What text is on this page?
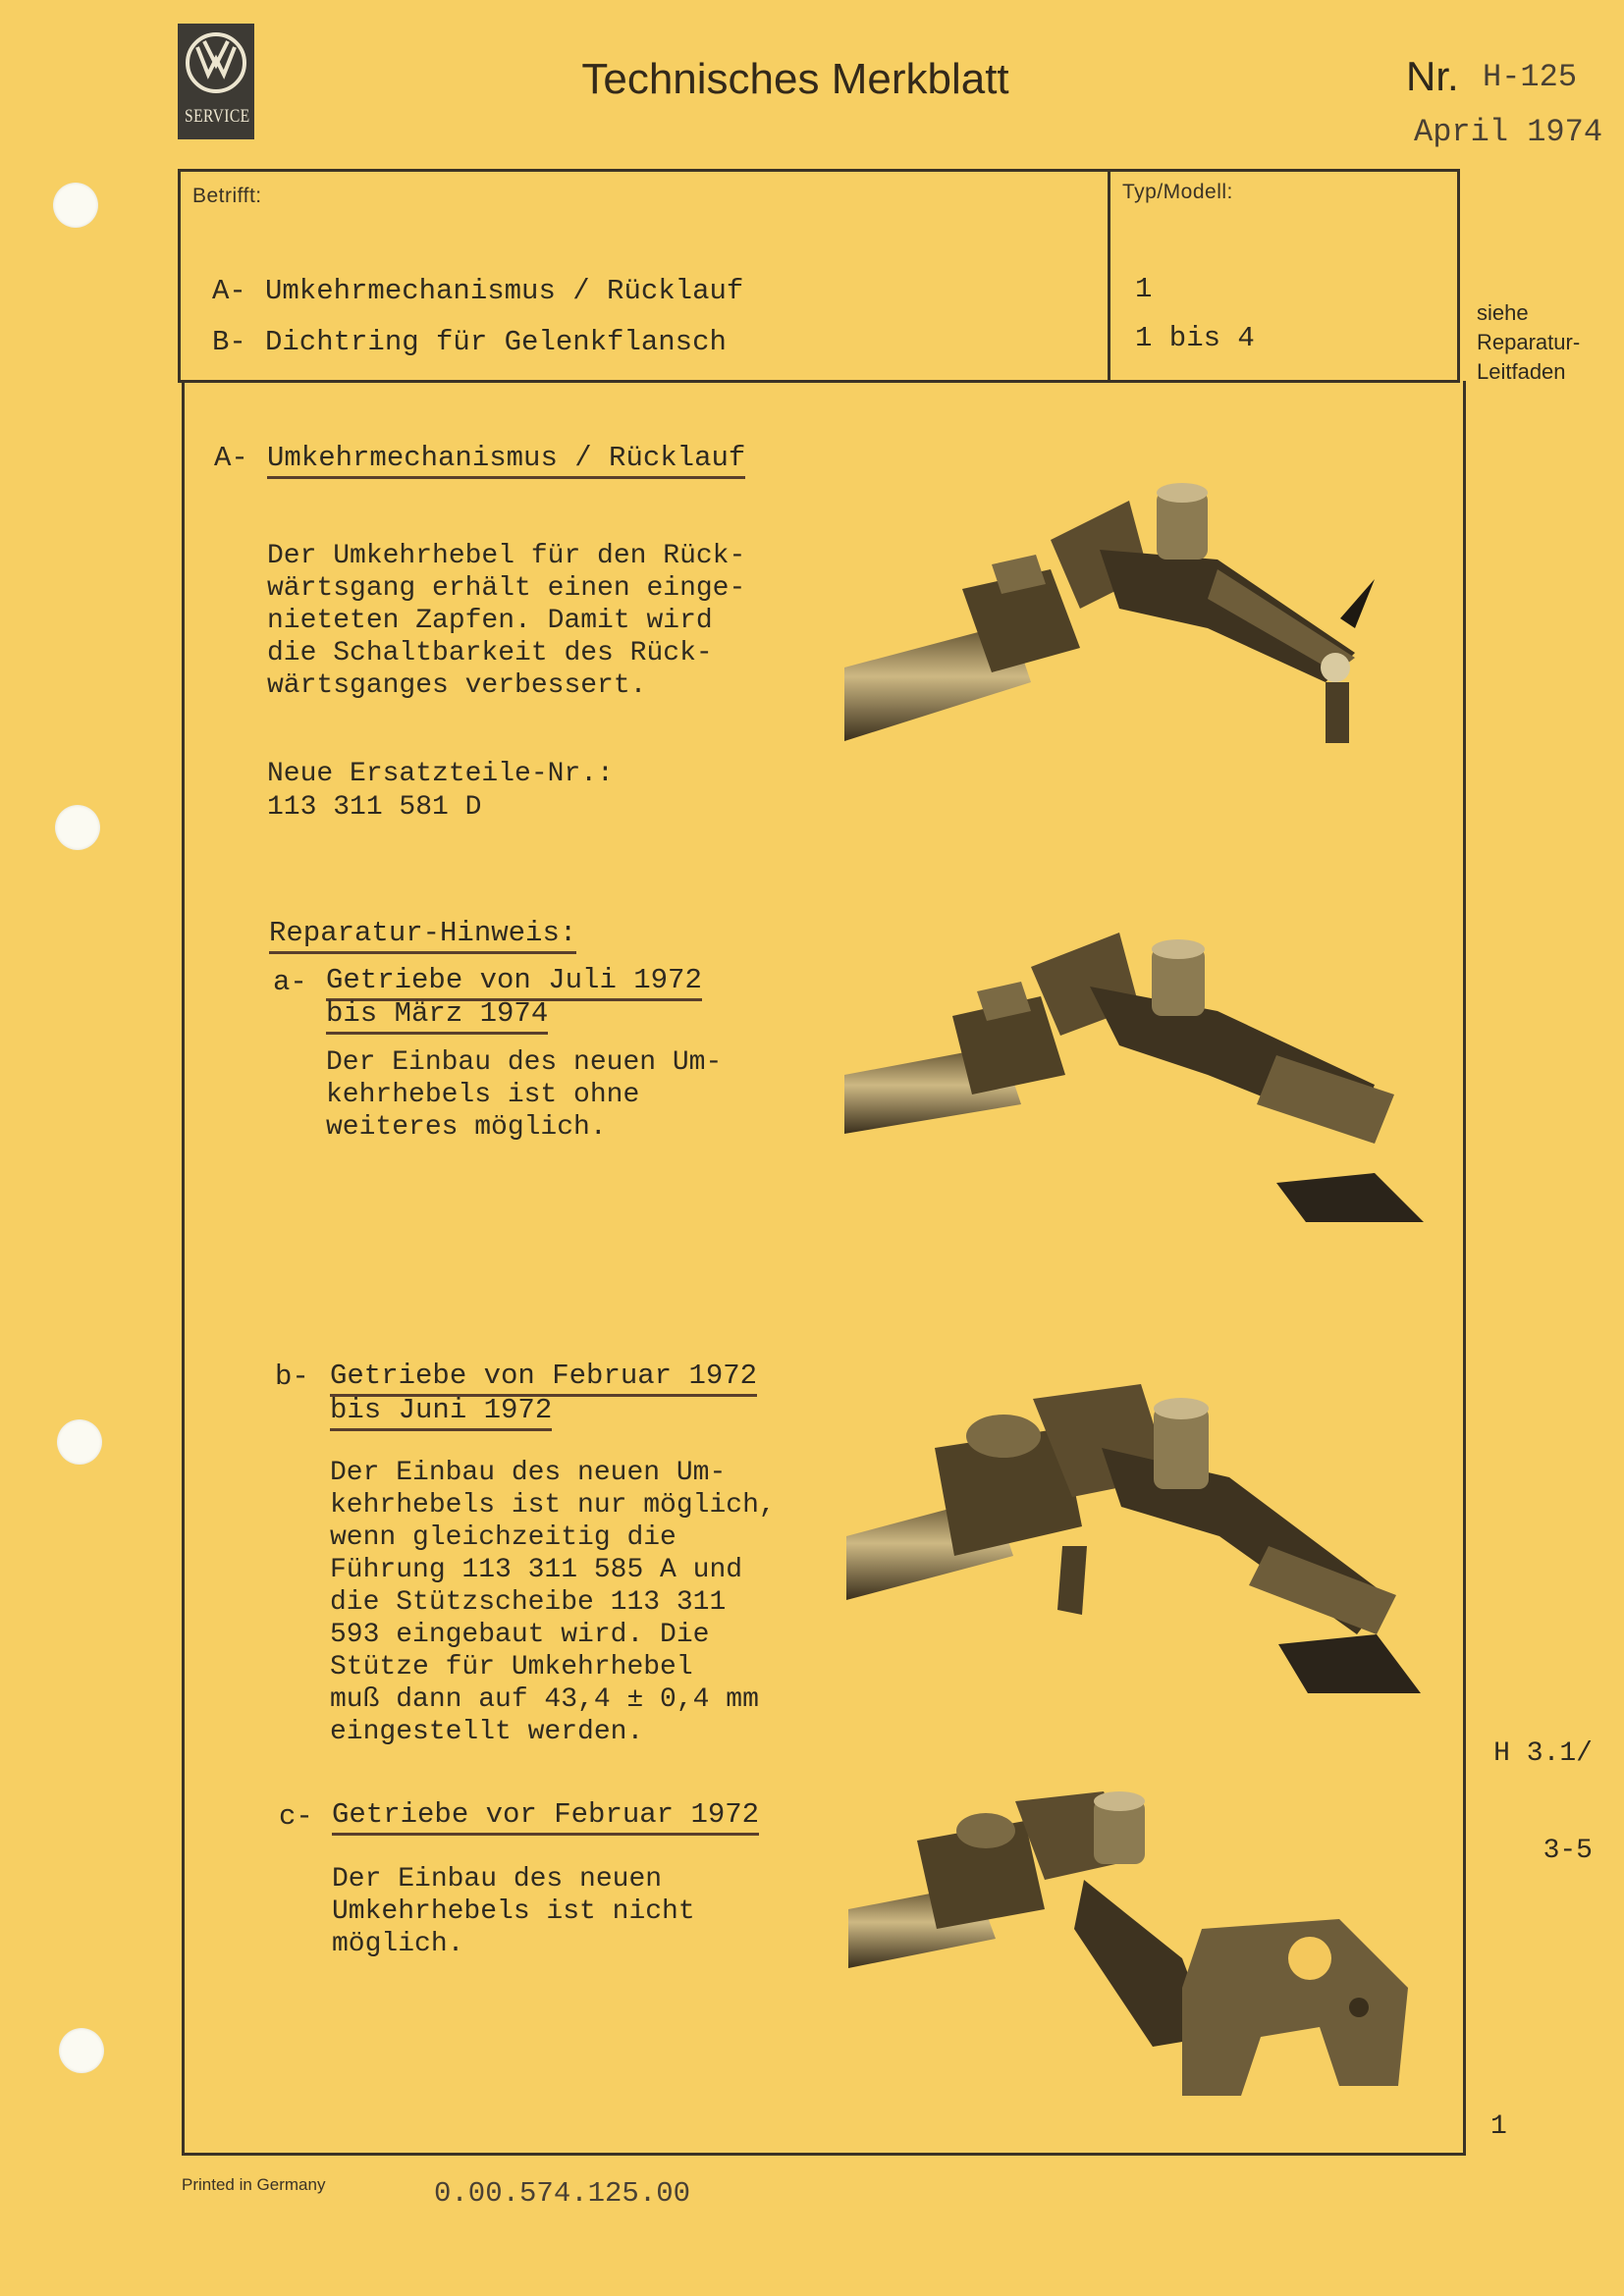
SERVICE
Technisches Merkblatt	Nr. H-125
April 1974
Betrifft:	Typ/Modell:
A- Umkehrmechanismus / Rücklauf	1
B- Dichtring für Gelenkflansch	1 bis 4
siehe
Reparatur-
Leitfaden
A- Umkehrmechanismus / Rücklauf
Der Umkehrhebel für den Rück-
wärtsgang erhält einen einge-
nieteten Zapfen. Damit wird
die Schaltbarkeit des Rück-
wärtsganges verbessert.
Neue Ersatzteile-Nr.:
113 311 581 D
Reparatur-Hinweis:
a- Getriebe von Juli 1972
bis März 1974
Der Einbau des neuen Um-
kehrhebels ist ohne
weiteres möglich.
b- Getriebe von Februar 1972
bis Juni 1972
Der Einbau des neuen Um-
kehrhebels ist nur möglich,
wenn gleichzeitig die
Führung 113 311 585 A und
die Stützscheibe 113 311
593 eingebaut wird. Die
Stütze für Umkehrhebel
muß dann auf 43,4 ± 0,4 mm
eingestellt werden.
c- Getriebe vor Februar 1972
Der Einbau des neuen
Umkehrhebels ist nicht
möglich.

H 3.1/

3-5

1
Printed in Germany	0.00.574.125.00
